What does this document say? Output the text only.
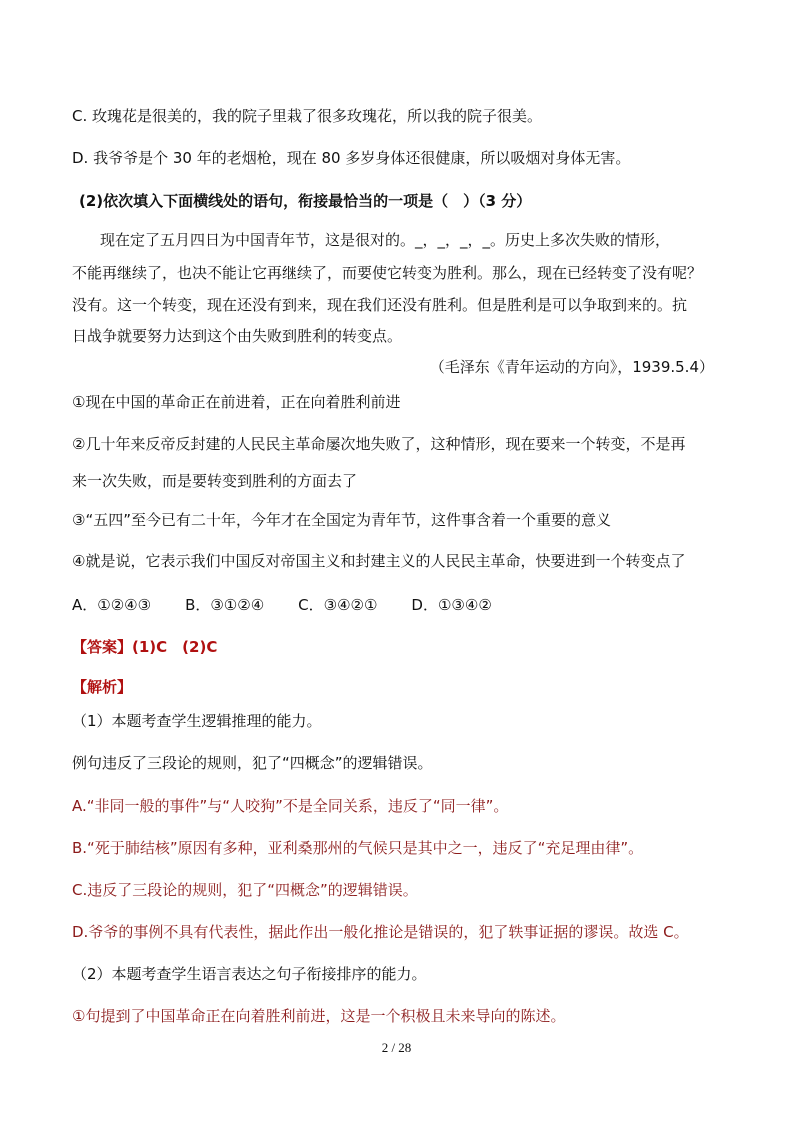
C. 玫瑰花是很美的，我的院子里栽了很多玫瑰花，所以我的院子很美。
D. 我爷爷是个 30 年的老烟枪，现在 80 多岁身体还很健康，所以吸烟对身体无害。
(2)依次填入下面横线处的语句，衔接最恰当的一项是（　）（3 分）
现在定了五月四日为中国青年节，这是很对的。_，_，_，_。历史上多次失败的情形，
不能再继续了，也决不能让它再继续了，而要使它转变为胜利。那么，现在已经转变了没有呢？
没有。这一个转变，现在还没有到来，现在我们还没有胜利。但是胜利是可以争取到来的。抗
日战争就要努力达到这个由失败到胜利的转变点。
（毛泽东《青年运动的方向》，1939.5.4）
①现在中国的革命正在前进着，正在向着胜利前进
②几十年来反帝反封建的人民民主革命屡次地失败了，这种情形，现在要来一个转变，不是再
来一次失败，而是要转变到胜利的方面去了
③“五四”至今已有二十年，今年才在全国定为青年节，这件事含着一个重要的意义
④就是说，它表示我们中国反对帝国主义和封建主义的人民民主革命，快要进到一个转变点了
A．①②④③ B．③①②④ C．③④②① D．①③④②
【答案】(1)C　(2)C
【解析】
（1）本题考查学生逻辑推理的能力。
例句违反了三段论的规则，犯了“四概念”的逻辑错误。
A.“非同一般的事件”与“人咬狗”不是全同关系，违反了“同一律”。
B.“死于肺结核”原因有多种，亚利桑那州的气候只是其中之一，违反了“充足理由律”。
C.违反了三段论的规则，犯了“四概念”的逻辑错误。
D.爷爷的事例不具有代表性，据此作出一般化推论是错误的，犯了轶事证据的谬误。故选 C。
（2）本题考查学生语言表达之句子衔接排序的能力。
①句提到了中国革命正在向着胜利前进，这是一个积极且未来导向的陈述。
2 / 28
